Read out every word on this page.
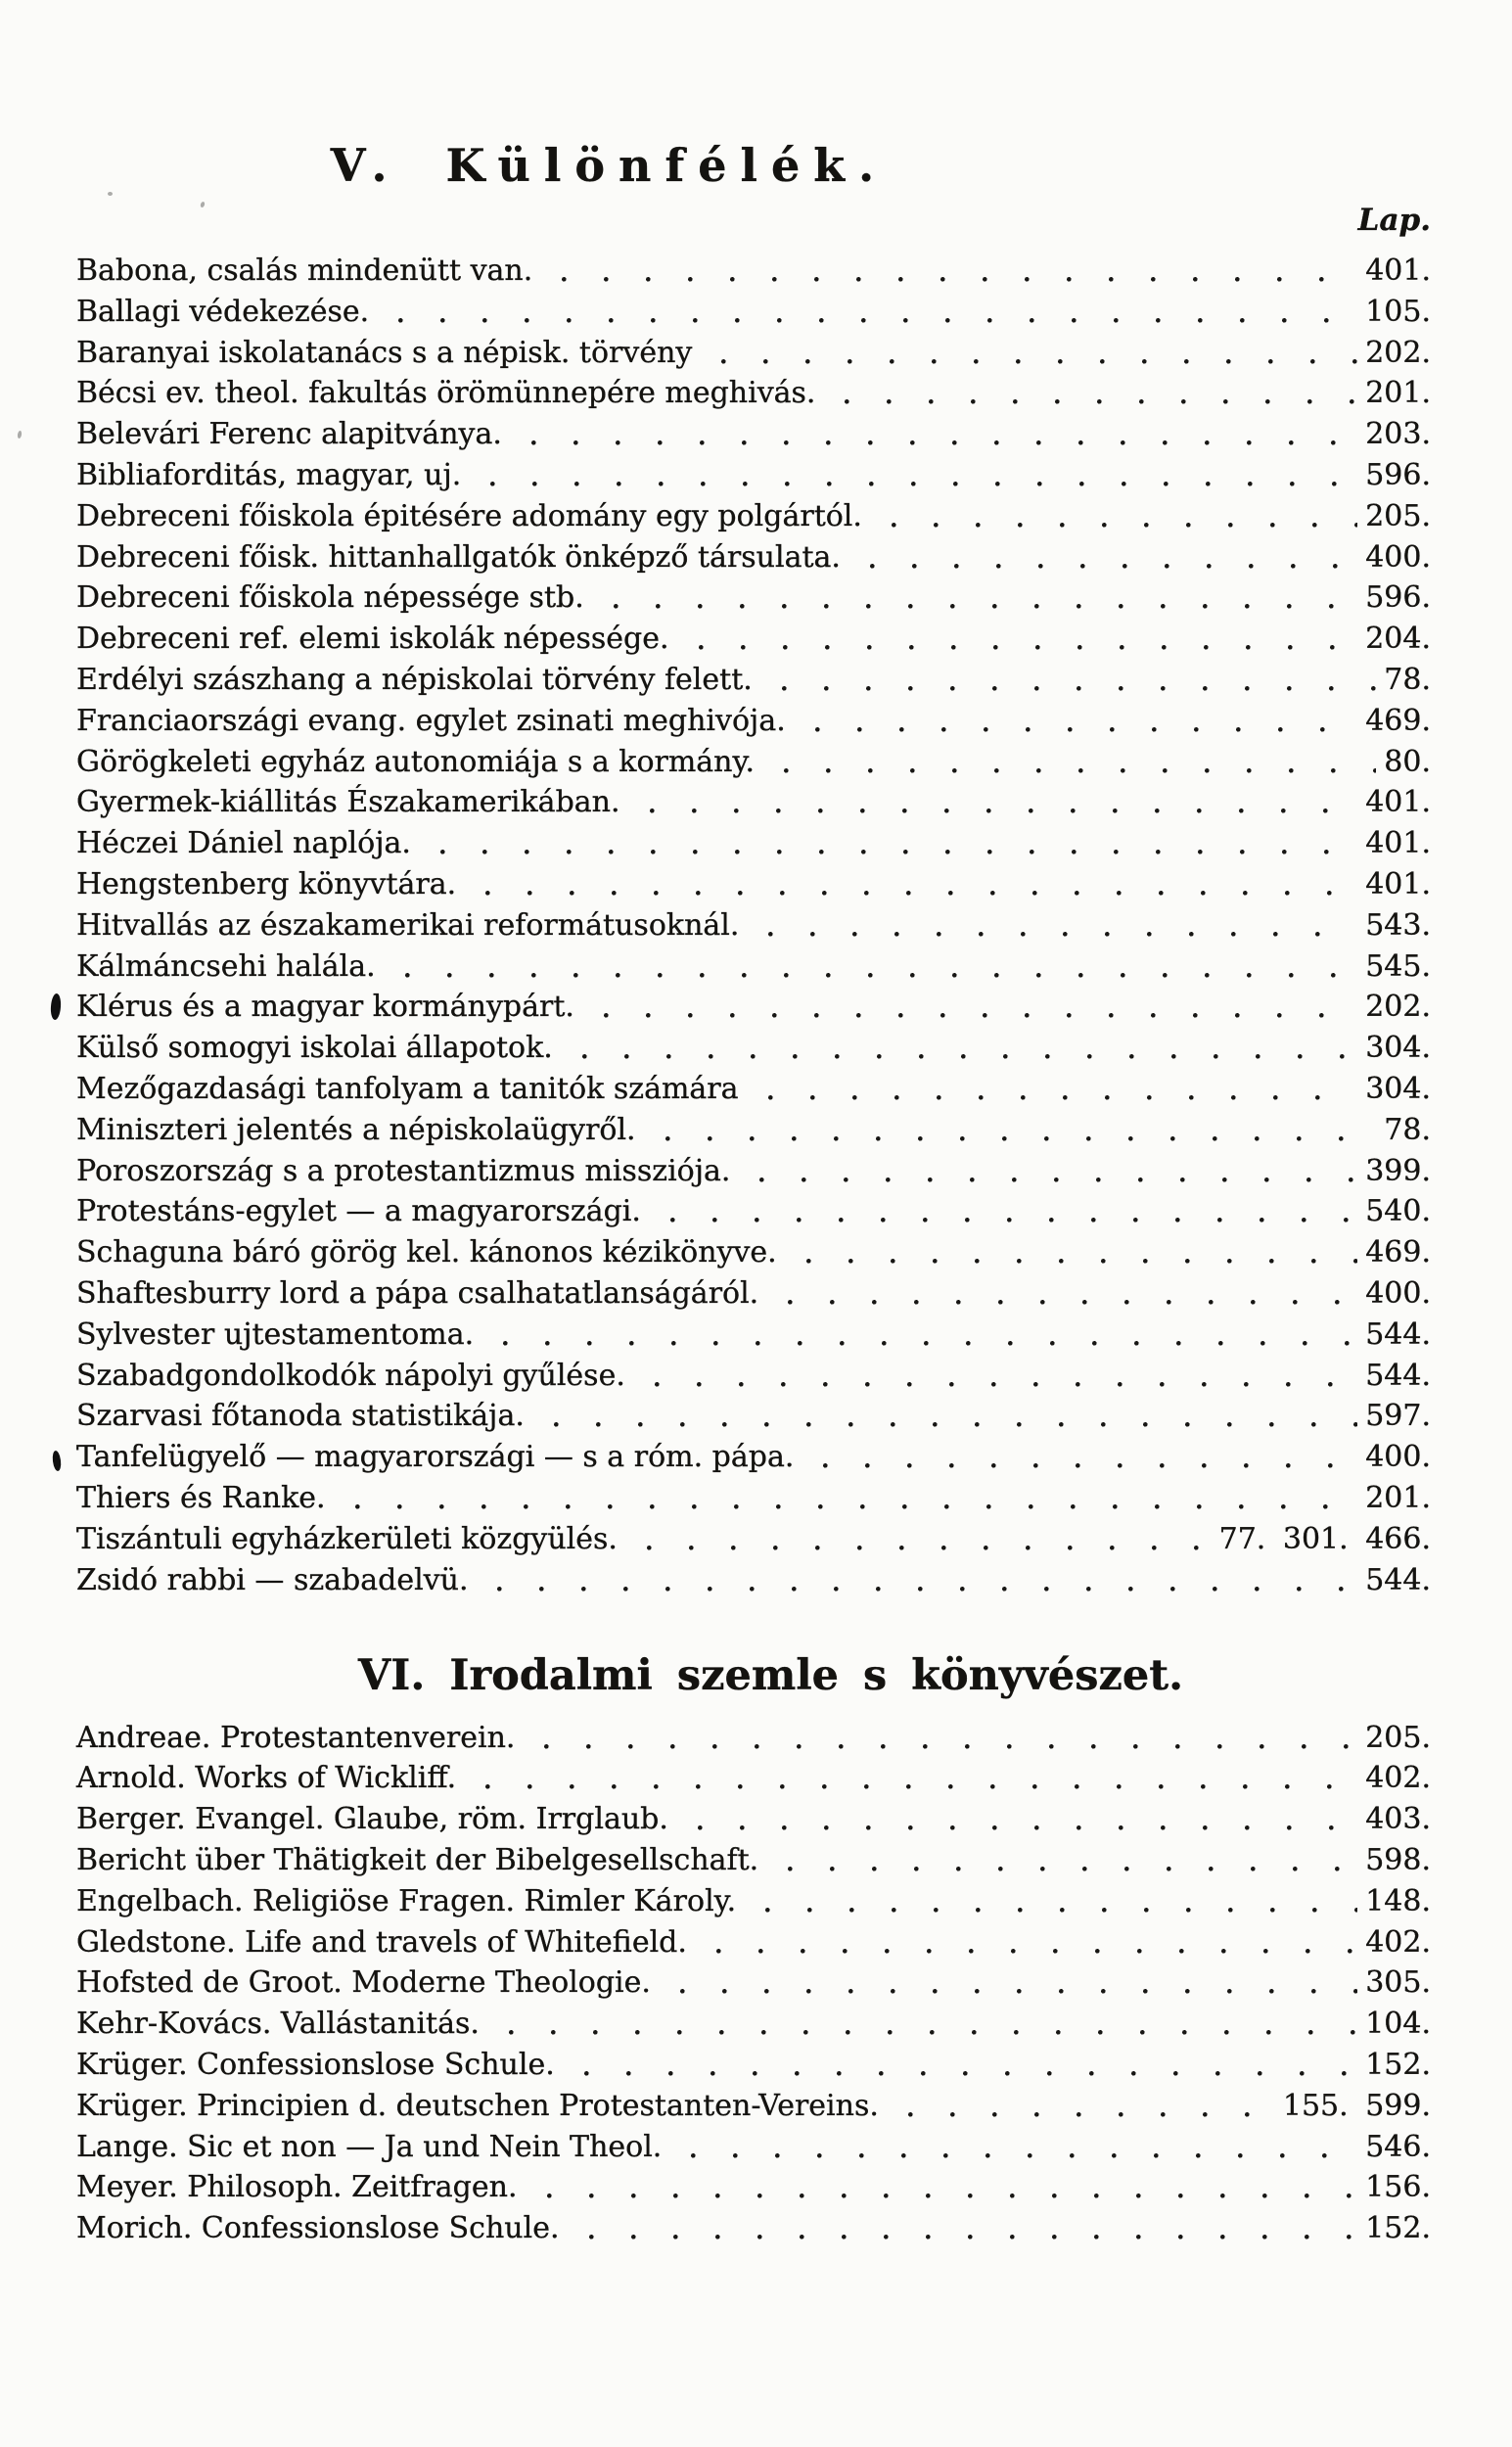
V. Különfélék.
Lap.
Babona, csalás mindenütt van.	401.
Ballagi védekezése.	105.
Baranyai iskolatanács s a népisk. törvény	202.
Bécsi ev. theol. fakultás örömünnepére meghivás.	201.
Belevári Ferenc alapitványa.	203.
Bibliaforditás, magyar, uj.	596.
Debreceni főiskola épitésére adomány egy polgártól.	205.
Debreceni főisk. hittanhallgatók önképző társulata.	400.
Debreceni főiskola népessége stb.	596.
Debreceni ref. elemi iskolák népessége.	204.
Erdélyi szászhang a népiskolai törvény felett.	78.
Franciaországi evang. egylet zsinati meghivója.	469.
Görögkeleti egyház autonomiája s a kormány.	80.
Gyermek-kiállitás Északamerikában.	401.
Héczei Dániel naplója.	401.
Hengstenberg könyvtára.	401.
Hitvallás az északamerikai reformátusoknál.	543.
Kálmáncsehi halála.	545.
Klérus és a magyar kormánypárt.	202.
Külső somogyi iskolai állapotok.	304.
Mezőgazdasági tanfolyam a tanitók számára	304.
Miniszteri jelentés a népiskolaügyről.	78.
Poroszország s a protestantizmus missziója.	399.
Protestáns-egylet — a magyarországi.	540.
Schaguna báró görög kel. kánonos kézikönyve.	469.
Shaftesburry lord a pápa csalhatatlanságáról.	400.
Sylvester ujtestamentoma.	544.
Szabadgondolkodók nápolyi gyűlése.	544.
Szarvasi főtanoda statistikája.	597.
Tanfelügyelő — magyarországi — s a róm. pápa.	400.
Thiers és Ranke.	201.
Tiszántuli egyházkerületi közgyülés.	77. 301. 466.
Zsidó rabbi — szabadelvü.	544.
VI. Irodalmi szemle s könyvészet.
Andreae. Protestantenverein.	205.
Arnold. Works of Wickliff.	402.
Berger. Evangel. Glaube, röm. Irrglaub.	403.
Bericht über Thätigkeit der Bibelgesellschaft.	598.
Engelbach. Religiöse Fragen. Rimler Károly.	148.
Gledstone. Life and travels of Whitefield.	402.
Hofsted de Groot. Moderne Theologie.	305.
Kehr-Kovács. Vallástanitás.	104.
Krüger. Confessionslose Schule.	152.
Krüger. Principien d. deutschen Protestanten-Vereins.	155. 599.
Lange. Sic et non — Ja und Nein Theol.	546.
Meyer. Philosoph. Zeitfragen.	156.
Morich. Confessionslose Schule.	152.
